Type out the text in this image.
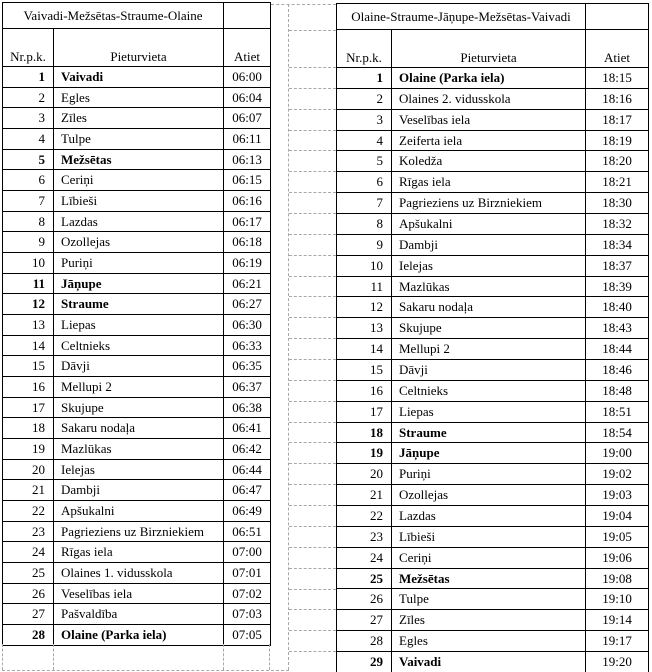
Vaivadi-Mežsētas-Straume-Olaine		
Nr.p.k.	Pieturvieta	Atiet
1	Vaivadi	06:00
2	Egles	06:04
3	Zīles	06:07
4	Tulpe	06:11
5	Mežsētas	06:13
6	Ceriņi	06:15
7	Lībieši	06:16
8	Lazdas	06:17
9	Ozollejas	06:18
10	Puriņi	06:19
11	Jāņupe	06:21
12	Straume	06:27
13	Liepas	06:30
14	Celtnieks	06:33
15	Dāvji	06:35
16	Mellupi 2	06:37
17	Skujupe	06:38
18	Sakaru nodaļa	06:41
19	Mazlūkas	06:42
20	Ielejas	06:44
21	Dambji	06:47
22	Apšukalni	06:49
23	Pagrieziens uz Birzniekiem	06:51
24	Rīgas iela	07:00
25	Olaines 1. vidusskola	07:01
26	Veselības iela	07:02
27	Pašvaldība	07:03
28	Olaine (Parka iela)	07:05
Olaine-Straume-Jāņupe-Mežsētas-Vaivadi		
Nr.p.k.	Pieturvieta	Atiet
1	Olaine (Parka iela)	18:15
2	Olaines 2. vidusskola	18:16
3	Veselības iela	18:17
4	Zeiferta iela	18:19
5	Koledža	18:20
6	Rīgas iela	18:21
7	Pagrieziens uz Birzniekiem	18:30
8	Apšukalni	18:32
9	Dambji	18:34
10	Ielejas	18:37
11	Mazlūkas	18:39
12	Sakaru nodaļa	18:40
13	Skujupe	18:43
14	Mellupi 2	18:44
15	Dāvji	18:46
16	Celtnieks	18:48
17	Liepas	18:51
18	Straume	18:54
19	Jāņupe	19:00
20	Puriņi	19:02
21	Ozollejas	19:03
22	Lazdas	19:04
23	Lībieši	19:05
24	Ceriņi	19:06
25	Mežsētas	19:08
26	Tulpe	19:10
27	Zīles	19:14
28	Egles	19:17
29	Vaivadi	19:20
